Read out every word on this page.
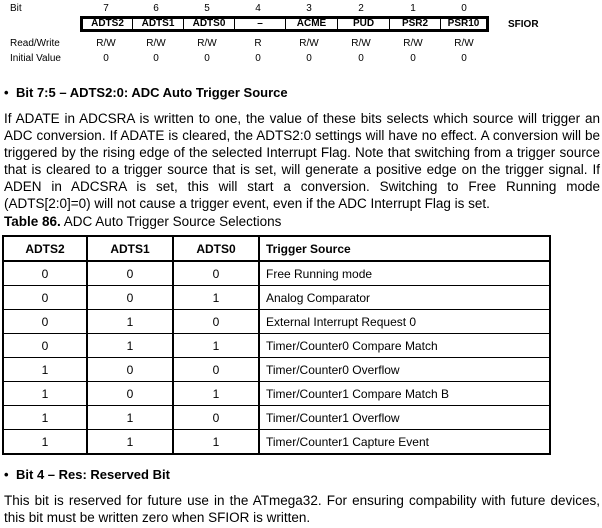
Bit	7	6	5	4	3	2	1	0
ADTS2	ADTS1	ADTS0	–	ACME	PUD	PSR2	PSR10	SFIOR
Read/Write	R/W	R/W	R/W	R	R/W	R/W	R/W	R/W
Initial Value	0	0	0	0	0	0	0	0
• Bit 7:5 – ADTS2:0: ADC Auto Trigger Source
If ADATE in ADCSRA is written to one, the value of these bits selects which source will trigger an ADC conversion. If ADATE is cleared, the ADTS2:0 settings will have no effect. A conversion will be triggered by the rising edge of the selected Interrupt Flag. Note that switching from a trigger source that is cleared to a trigger source that is set, will generate a positive edge on the trigger signal. If ADEN in ADCSRA is set, this will start a conversion. Switching to Free Running mode (ADTS[2:0]=0) will not cause a trigger event, even if the ADC Interrupt Flag is set.
Table 86. ADC Auto Trigger Source Selections
ADTS2	ADTS1	ADTS0	Trigger Source
0	0	0	Free Running mode
0	0	1	Analog Comparator
0	1	0	External Interrupt Request 0
0	1	1	Timer/Counter0 Compare Match
1	0	0	Timer/Counter0 Overflow
1	0	1	Timer/Counter1 Compare Match B
1	1	0	Timer/Counter1 Overflow
1	1	1	Timer/Counter1 Capture Event
• Bit 4 – Res: Reserved Bit
This bit is reserved for future use in the ATmega32. For ensuring compability with future devices, this bit must be written zero when SFIOR is written.
